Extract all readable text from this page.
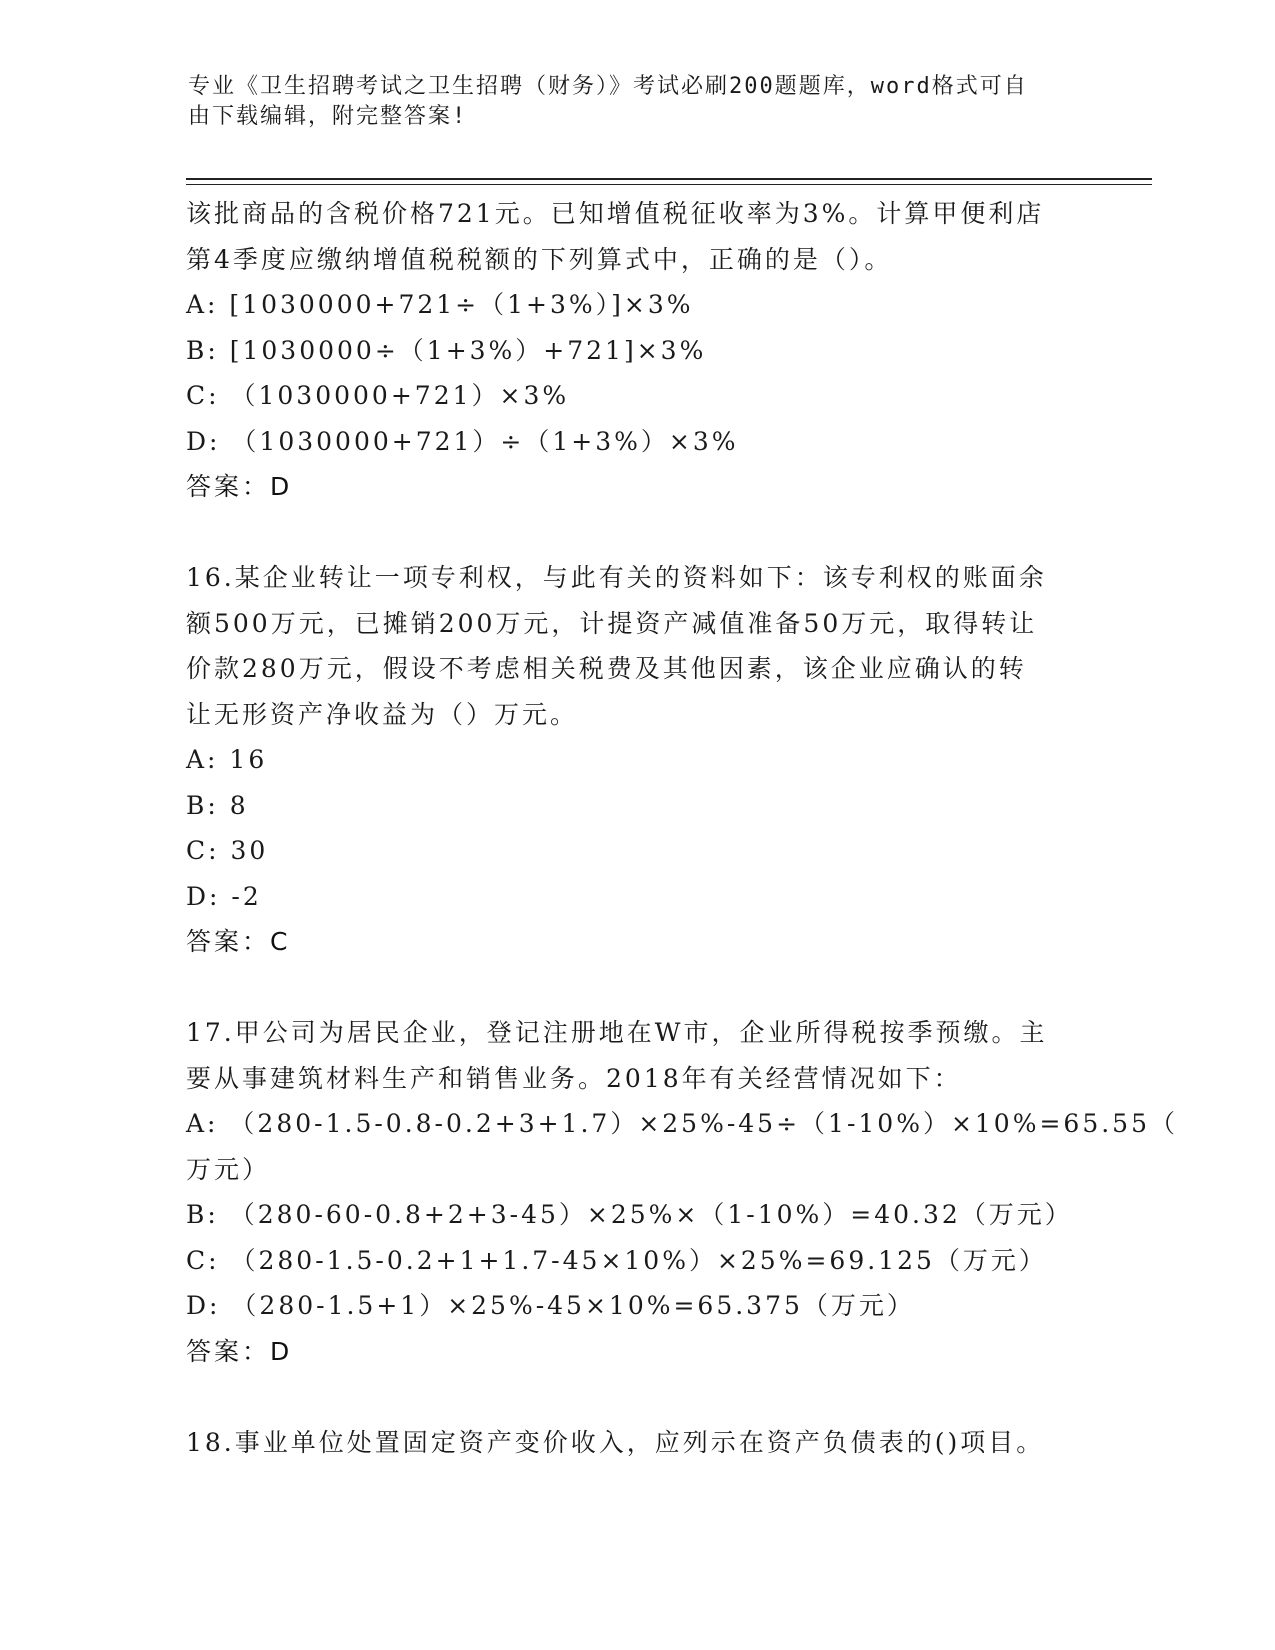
专业《卫生招聘考试之卫生招聘（财务）》考试必刷200题题库，word格式可自
由下载编辑，附完整答案!
该批商品的含税价格721元。已知增值税征收率为3%。计算甲便利店
第4季度应缴纳增值税税额的下列算式中，正确的是（）。
A: [1030000+721÷（1+3%）]×3%
B: [1030000÷（1+3%）+721]×3%
C: （1030000+721）×3%
D: （1030000+721）÷（1+3%）×3%
答案：D
16.某企业转让一项专利权，与此有关的资料如下：该专利权的账面余
额500万元，已摊销200万元，计提资产减值准备50万元，取得转让
价款280万元，假设不考虑相关税费及其他因素，该企业应确认的转
让无形资产净收益为（）万元。
A: 16
B: 8
C: 30
D: -2
答案：C
17.甲公司为居民企业，登记注册地在W市，企业所得税按季预缴。主
要从事建筑材料生产和销售业务。2018年有关经营情况如下：
A: （280-1.5-0.8-0.2+3+1.7）×25%-45÷（1-10%）×10%=65.55（
万元）
B: （280-60-0.8+2+3-45）×25%×（1-10%）=40.32（万元）
C: （280-1.5-0.2+1+1.7-45×10%）×25%=69.125（万元）
D: （280-1.5+1）×25%-45×10%=65.375（万元）
答案：D
18.事业单位处置固定资产变价收入，应列示在资产负债表的()项目。
